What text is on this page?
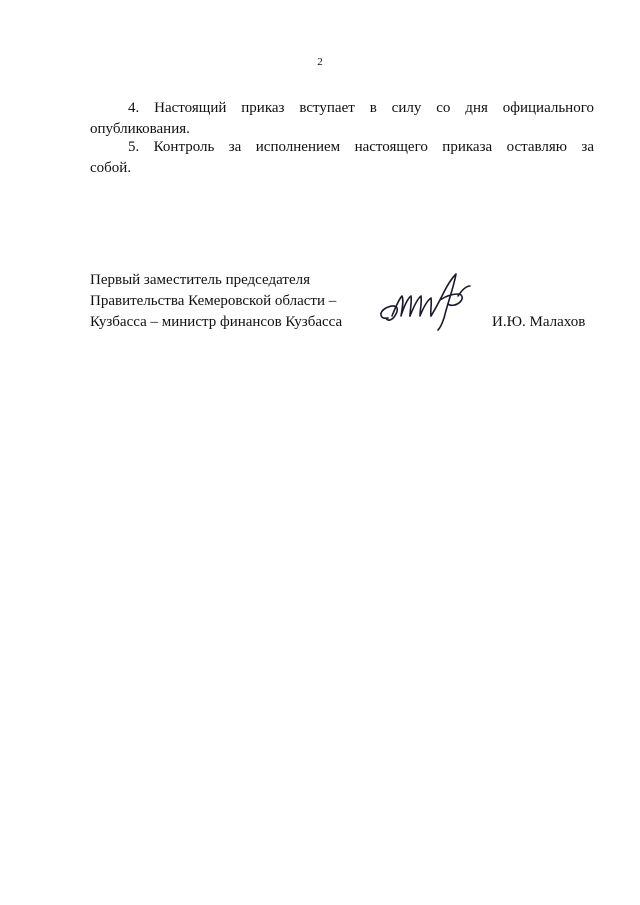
2
4. Настоящий приказ вступает в силу со дня официального
опубликования.
5. Контроль за исполнением настоящего приказа оставляю за
собой.
Первый заместитель председателя
Правительства Кемеровской области –
Кузбасса – министр финансов Кузбасса	И.Ю. Малахов
